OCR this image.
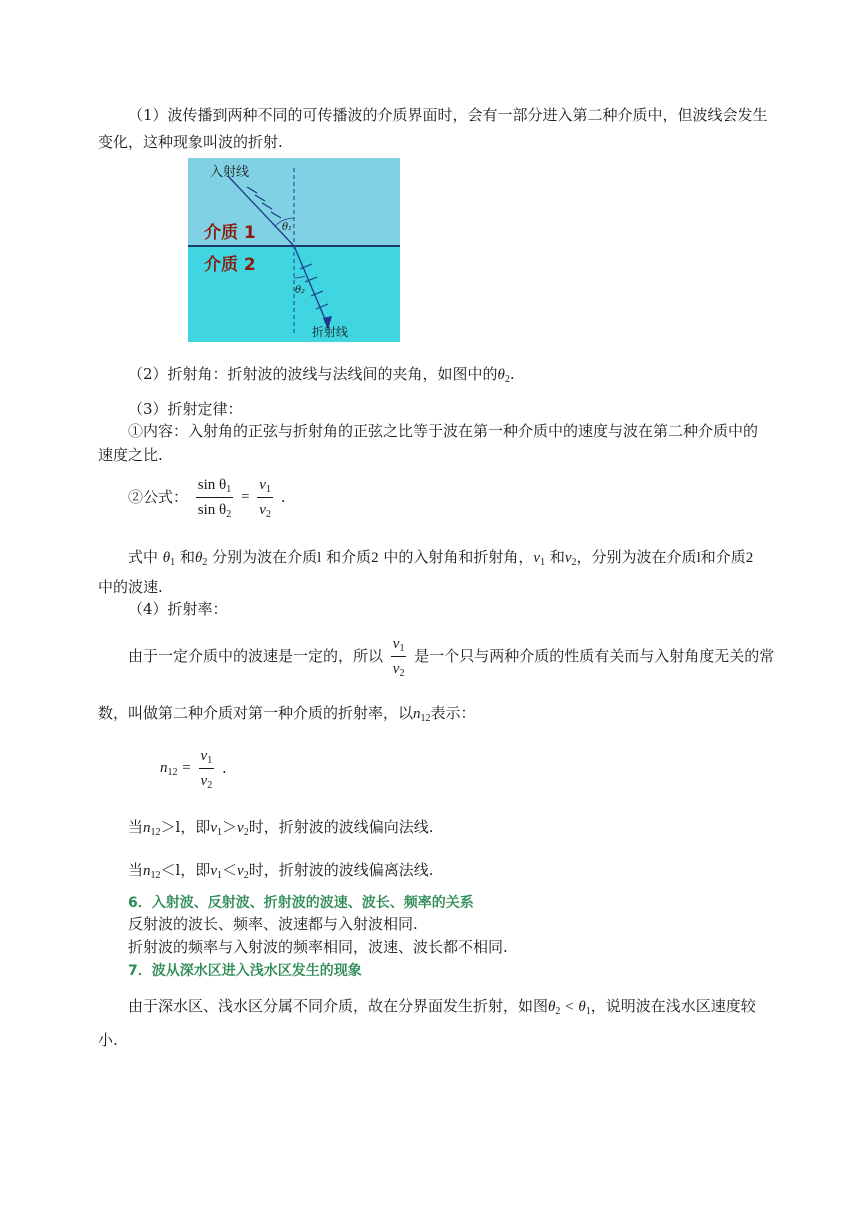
（1）波传播到两种不同的可传播波的介质界面时，会有一部分进入第二种介质中，但波线会发生
变化，这种现象叫波的折射.
入射线
折射线
介质 1
介质 2
θ₁
θ₂
（2）折射角：折射波的波线与法线间的夹角，如图中的$\theta_2$.
（3）折射定律：
①内容：入射角的正弦与折射角的正弦之比等于波在第一种介质中的速度与波在第二种介质中的
速度之比.
②公式： $\frac{\sin \theta_1}{\sin \theta_2} = \frac{v_1}{v_2}$ .
式中 $\theta_1$ 和$\theta_2$ 分别为波在介质l 和介质2 中的入射角和折射角，$v_1$ 和$v_2$，分别为波在介质l和介质2
中的波速.
（4）折射率：
由于一定介质中的波速是一定的，所以 $\frac{v_1}{v_2}$ 是一个只与两种介质的性质有关而与入射角度无关的常
数，叫做第二种介质对第一种介质的折射率，以$n_{12}$表示：
$n_{12} = \frac{v_1}{v_2}$ .
当$n_{12}>l$，即$v_1>v_2$时，折射波的波线偏向法线.
当$n_{12}<l$，即$v_1<v_2$时，折射波的波线偏离法线.
6．入射波、反射波、折射波的波速、波长、频率的关系
反射波的波长、频率、波速都与入射波相同.
折射波的频率与入射波的频率相同，波速、波长都不相同.
7．波从深水区进入浅水区发生的现象
由于深水区、浅水区分属不同介质，故在分界面发生折射，如图$\theta_2 < \theta_1$，说明波在浅水区速度较
小.
